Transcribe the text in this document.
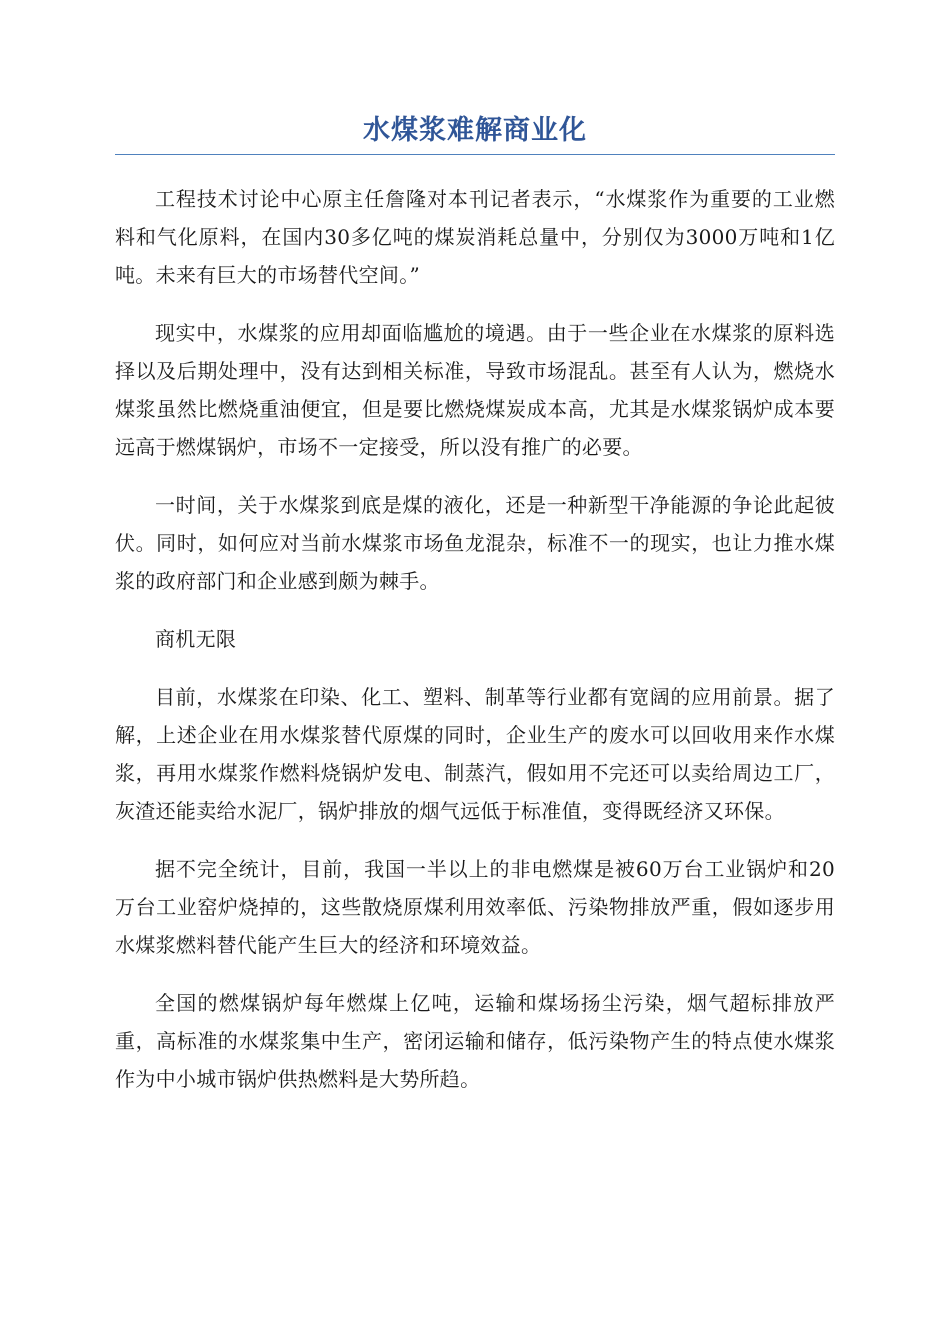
水煤浆难解商业化

工程技术讨论中心原主任詹隆对本刊记者表示，“水煤浆作为重要的工业燃料和气化原料，在国内30多亿吨的煤炭消耗总量中，分别仅为3000万吨和1亿吨。未来有巨大的市场替代空间。”

现实中，水煤浆的应用却面临尴尬的境遇。由于一些企业在水煤浆的原料选择以及后期处理中，没有达到相关标准，导致市场混乱。甚至有人认为，燃烧水煤浆虽然比燃烧重油便宜，但是要比燃烧煤炭成本高，尤其是水煤浆锅炉成本要远高于燃煤锅炉，市场不一定接受，所以没有推广的必要。

一时间，关于水煤浆到底是煤的液化，还是一种新型干净能源的争论此起彼伏。同时，如何应对当前水煤浆市场鱼龙混杂，标准不一的现实，也让力推水煤浆的政府部门和企业感到颇为棘手。

商机无限

目前，水煤浆在印染、化工、塑料、制革等行业都有宽阔的应用前景。据了解，上述企业在用水煤浆替代原煤的同时，企业生产的废水可以回收用来作水煤浆，再用水煤浆作燃料烧锅炉发电、制蒸汽，假如用不完还可以卖给周边工厂，灰渣还能卖给水泥厂，锅炉排放的烟气远低于标准值，变得既经济又环保。

据不完全统计，目前，我国一半以上的非电燃煤是被60万台工业锅炉和20万台工业窑炉烧掉的，这些散烧原煤利用效率低、污染物排放严重，假如逐步用水煤浆燃料替代能产生巨大的经济和环境效益。

全国的燃煤锅炉每年燃煤上亿吨，运输和煤场扬尘污染，烟气超标排放严重，高标准的水煤浆集中生产，密闭运输和储存，低污染物产生的特点使水煤浆作为中小城市锅炉供热燃料是大势所趋。
